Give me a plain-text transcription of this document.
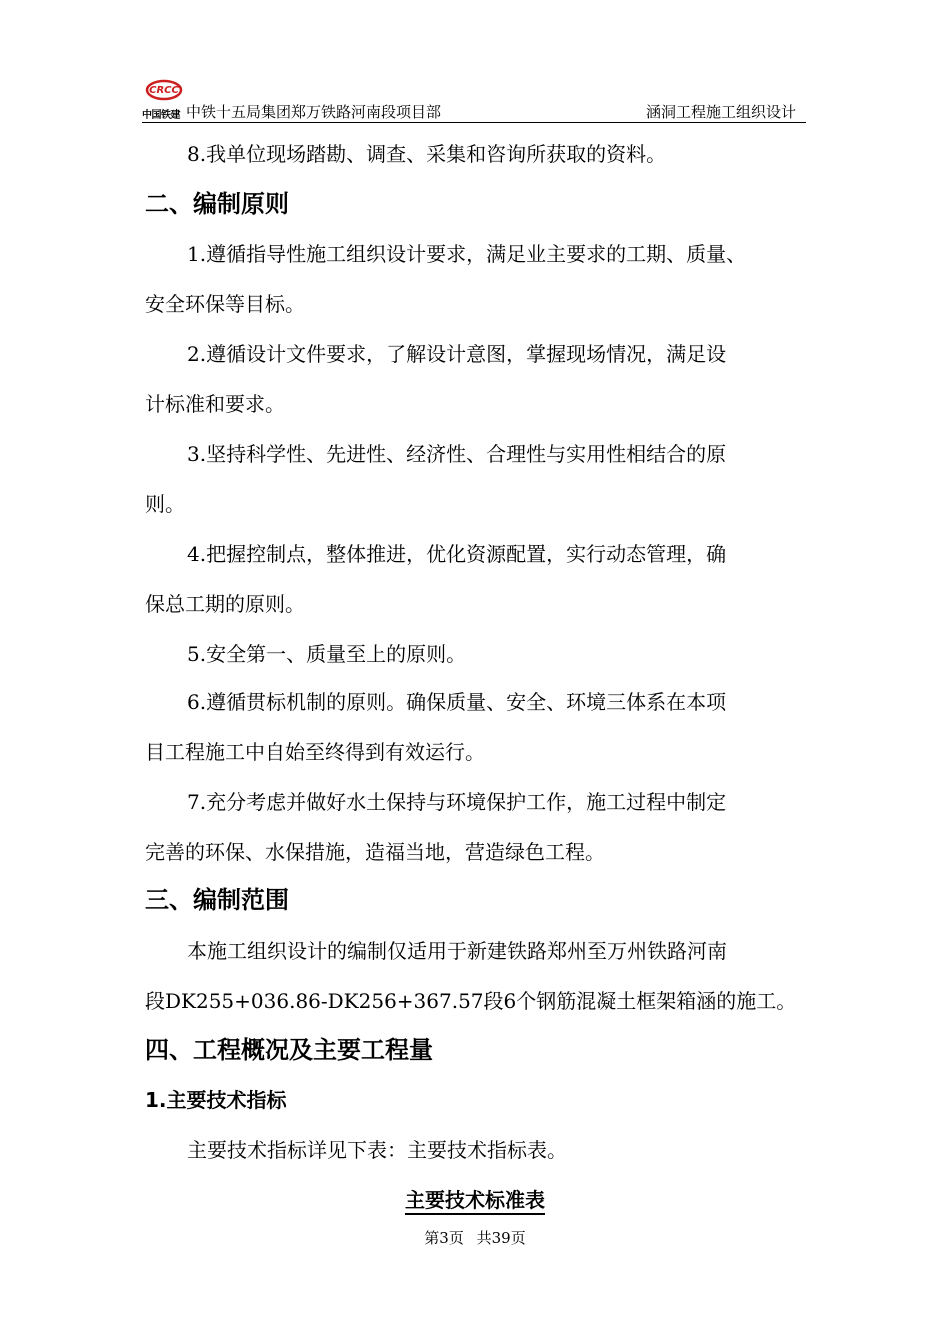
CRCC
中国铁建 中铁十五局集团郑万铁路河南段项目部	涵洞工程施工组织设计
8.我单位现场踏勘、调查、采集和咨询所获取的资料。
二、编制原则
1.遵循指导性施工组织设计要求，满足业主要求的工期、质量、
安全环保等目标。
2.遵循设计文件要求，了解设计意图，掌握现场情况，满足设
计标准和要求。
3.坚持科学性、先进性、经济性、合理性与实用性相结合的原
则。
4.把握控制点，整体推进，优化资源配置，实行动态管理，确
保总工期的原则。
5.安全第一、质量至上的原则。
6.遵循贯标机制的原则。确保质量、安全、环境三体系在本项
目工程施工中自始至终得到有效运行。
7.充分考虑并做好水土保持与环境保护工作，施工过程中制定
完善的环保、水保措施，造福当地，营造绿色工程。
三、编制范围
本施工组织设计的编制仅适用于新建铁路郑州至万州铁路河南
段DK255+036.86-DK256+367.57段6个钢筋混凝土框架箱涵的施工。
四、工程概况及主要工程量
1.主要技术指标
主要技术指标详见下表：主要技术指标表。
主要技术标准表
第3页 共39页
